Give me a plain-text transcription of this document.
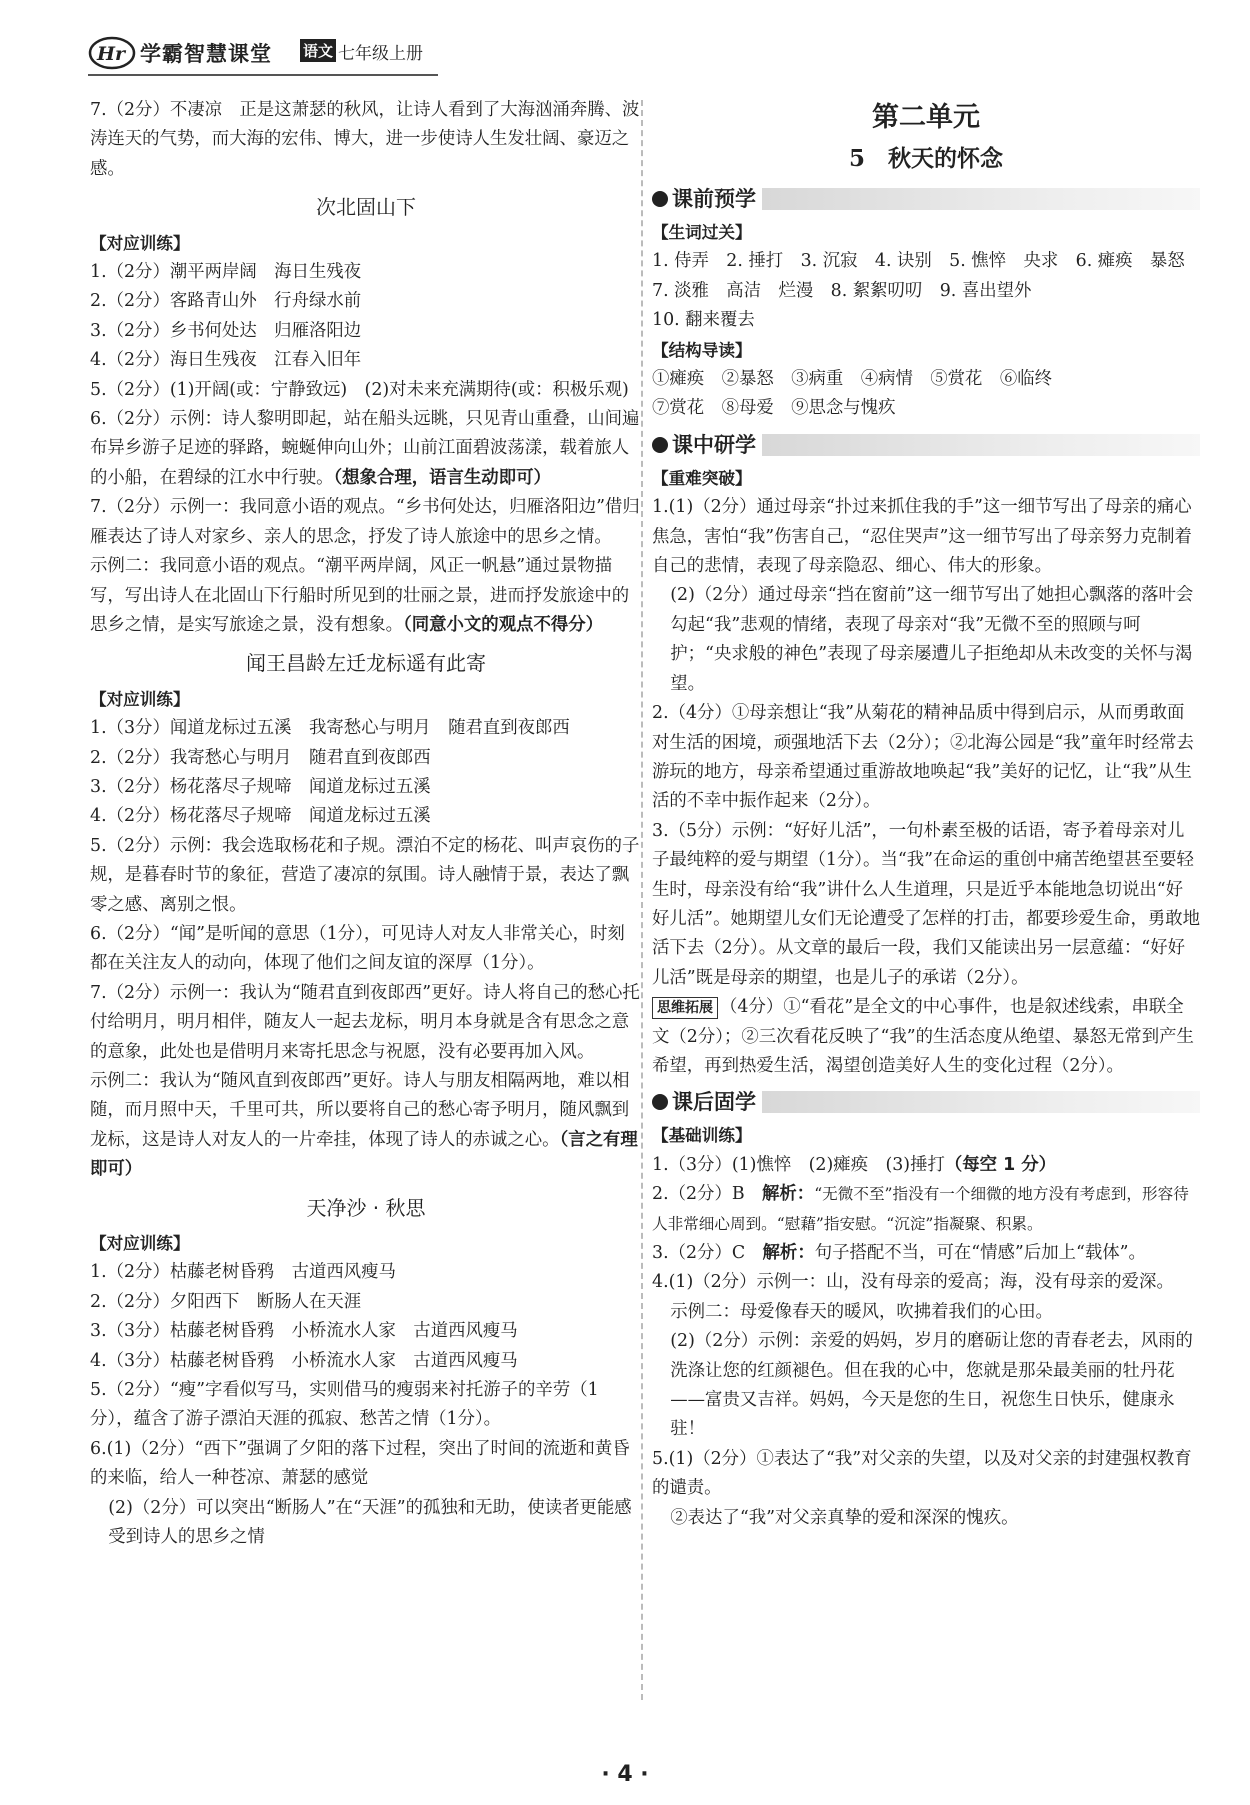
Hr 学霸智慧课堂 语文 七年级上册

7.（2分）不凄凉　正是这萧瑟的秋风，让诗人看到了大海汹涌奔腾、波涛连天的气势，而大海的宏伟、博大，进一步使诗人生发壮阔、豪迈之感。

次北固山下
【对应训练】

1.（2分）潮平两岸阔　海日生残夜

2.（2分）客路青山外　行舟绿水前

3.（2分）乡书何处达　归雁洛阳边

4.（2分）海日生残夜　江春入旧年

5.（2分）(1)开阔(或：宁静致远)　(2)对未来充满期待(或：积极乐观)

6.（2分）示例：诗人黎明即起，站在船头远眺，只见青山重叠，山间遍布异乡游子足迹的驿路，蜿蜒伸向山外；山前江面碧波荡漾，载着旅人的小船，在碧绿的江水中行驶。（想象合理，语言生动即可）

7.（2分）示例一：我同意小语的观点。“乡书何处达，归雁洛阳边”借归雁表达了诗人对家乡、亲人的思念，抒发了诗人旅途中的思乡之情。

示例二：我同意小语的观点。“潮平两岸阔，风正一帆悬”通过景物描写，写出诗人在北固山下行船时所见到的壮丽之景，进而抒发旅途中的思乡之情，是实写旅途之景，没有想象。（同意小文的观点不得分）

闻王昌龄左迁龙标遥有此寄
【对应训练】

1.（3分）闻道龙标过五溪　我寄愁心与明月　随君直到夜郎西

2.（2分）我寄愁心与明月　随君直到夜郎西

3.（2分）杨花落尽子规啼　闻道龙标过五溪

4.（2分）杨花落尽子规啼　闻道龙标过五溪

5.（2分）示例：我会选取杨花和子规。漂泊不定的杨花、叫声哀伤的子规，是暮春时节的象征，营造了凄凉的氛围。诗人融情于景，表达了飘零之感、离别之恨。

6.（2分）“闻”是听闻的意思（1分），可见诗人对友人非常关心，时刻都在关注友人的动向，体现了他们之间友谊的深厚（1分）。

7.（2分）示例一：我认为“随君直到夜郎西”更好。诗人将自己的愁心托付给明月，明月相伴，随友人一起去龙标，明月本身就是含有思念之意的意象，此处也是借明月来寄托思念与祝愿，没有必要再加入风。

示例二：我认为“随风直到夜郎西”更好。诗人与朋友相隔两地，难以相随，而月照中天，千里可共，所以要将自己的愁心寄予明月，随风飘到龙标，这是诗人对友人的一片牵挂，体现了诗人的赤诚之心。（言之有理即可）

天净沙 · 秋思
【对应训练】

1.（2分）枯藤老树昏鸦　古道西风瘦马

2.（2分）夕阳西下　断肠人在天涯

3.（3分）枯藤老树昏鸦　小桥流水人家　古道西风瘦马

4.（3分）枯藤老树昏鸦　小桥流水人家　古道西风瘦马

5.（2分）“瘦”字看似写马，实则借马的瘦弱来衬托游子的辛劳（1分），蕴含了游子漂泊天涯的孤寂、愁苦之情（1分）。

6.(1)（2分）“西下”强调了夕阳的落下过程，突出了时间的流逝和黄昏的来临，给人一种苍凉、萧瑟的感觉

(2)（2分）可以突出“断肠人”在“天涯”的孤独和无助，使读者更能感受到诗人的思乡之情

第二单元
5　秋天的怀念
课前预学
【生词过关】

1. 侍弄　2. 捶打　3. 沉寂　4. 诀别　5. 憔悴　央求　6. 瘫痪　暴怒　7. 淡雅　高洁　烂漫　8. 絮絮叨叨　9. 喜出望外

10. 翻来覆去

【结构导读】

①瘫痪　②暴怒　③病重　④病情　⑤赏花　⑥临终

⑦赏花　⑧母爱　⑨思念与愧疚

课中研学
【重难突破】

1.(1)（2分）通过母亲“扑过来抓住我的手”这一细节写出了母亲的痛心焦急，害怕“我”伤害自己，“忍住哭声”这一细节写出了母亲努力克制着自己的悲情，表现了母亲隐忍、细心、伟大的形象。

(2)（2分）通过母亲“挡在窗前”这一细节写出了她担心飘落的落叶会勾起“我”悲观的情绪，表现了母亲对“我”无微不至的照顾与呵护；“央求般的神色”表现了母亲屡遭儿子拒绝却从未改变的关怀与渴望。

2.（4分）①母亲想让“我”从菊花的精神品质中得到启示，从而勇敢面对生活的困境，顽强地活下去（2分）；②北海公园是“我”童年时经常去游玩的地方，母亲希望通过重游故地唤起“我”美好的记忆，让“我”从生活的不幸中振作起来（2分）。

3.（5分）示例：“好好儿活”，一句朴素至极的话语，寄予着母亲对儿子最纯粹的爱与期望（1分）。当“我”在命运的重创中痛苦绝望甚至要轻生时，母亲没有给“我”讲什么人生道理，只是近乎本能地急切说出“好好儿活”。她期望儿女们无论遭受了怎样的打击，都要珍爱生命，勇敢地活下去（2分）。从文章的最后一段，我们又能读出另一层意蕴：“好好儿活”既是母亲的期望，也是儿子的承诺（2分）。

思维拓展 （4分）①“看花”是全文的中心事件，也是叙述线索，串联全文（2分）；②三次看花反映了“我”的生活态度从绝望、暴怒无常到产生希望，再到热爱生活，渴望创造美好人生的变化过程（2分）。

课后固学
【基础训练】

1.（3分）(1)憔悴　(2)瘫痪　(3)捶打（每空 1 分）

2.（2分）B　解析：“无微不至”指没有一个细微的地方没有考虑到，形容待人非常细心周到。“慰藉”指安慰。“沉淀”指凝聚、积累。

3.（2分）C　解析：句子搭配不当，可在“情感”后加上“载体”。

4.(1)（2分）示例一：山，没有母亲的爱高；海，没有母亲的爱深。

示例二：母爱像春天的暖风，吹拂着我们的心田。

(2)（2分）示例：亲爱的妈妈，岁月的磨砺让您的青春老去，风雨的洗涤让您的红颜褪色。但在我的心中，您就是那朵最美丽的牡丹花——富贵又吉祥。妈妈，今天是您的生日，祝您生日快乐，健康永驻！

5.(1)（2分）①表达了“我”对父亲的失望，以及对父亲的封建强权教育的谴责。

②表达了“我”对父亲真挚的爱和深深的愧疚。

· 4 ·
